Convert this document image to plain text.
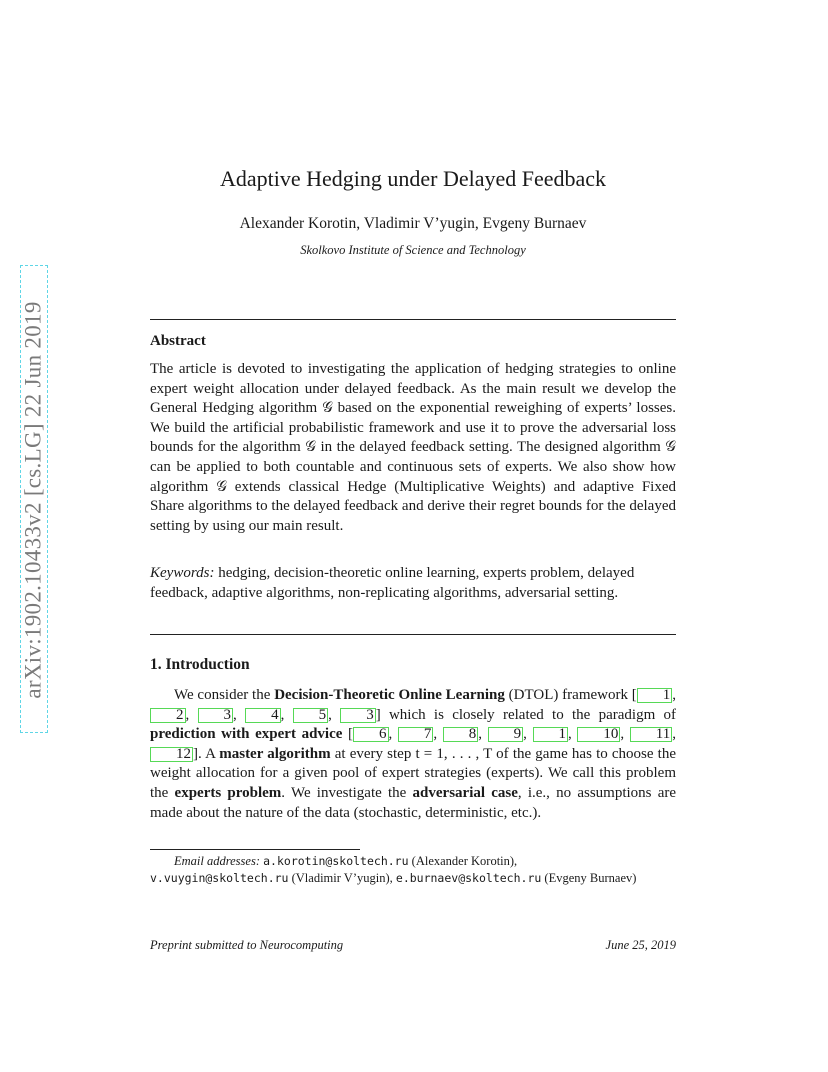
arXiv:1902.10433v2 [cs.LG] 22 Jun 2019
Adaptive Hedging under Delayed Feedback
Alexander Korotin, Vladimir V’yugin, Evgeny Burnaev
Skolkovo Institute of Science and Technology
Abstract
The article is devoted to investigating the application of hedging strategies to online expert weight allocation under delayed feedback. As the main result we develop the General Hedging algorithm 𝒢 based on the exponential reweighing of experts’ losses. We build the artificial probabilistic framework and use it to prove the adversarial loss bounds for the algorithm 𝒢 in the delayed feedback setting. The designed algorithm 𝒢 can be applied to both countable and continuous sets of experts. We also show how algorithm 𝒢 extends classical Hedge (Multiplicative Weights) and adaptive Fixed Share algorithms to the delayed feedback and derive their regret bounds for the delayed setting by using our main result.
Keywords: hedging, decision-theoretic online learning, experts problem, delayed feedback, adaptive algorithms, non-replicating algorithms, adversarial setting.
1. Introduction
We consider the Decision-Theoretic Online Learning (DTOL) framework [ 1 , 2 , 3 , 4 , 5 , 3 ] which is closely related to the paradigm of prediction with expert advice [ 6 , 7 , 8 , 9 , 1 , 10 , 11 , 12 ]. A master algorithm at every step t = 1, . . . , T of the game has to choose the weight allocation for a given pool of expert strategies (experts). We call this problem the experts problem. We investigate the adversarial case, i.e., no assumptions are made about the nature of the data (stochastic, deterministic, etc.).
Email addresses: a.korotin@skoltech.ru (Alexander Korotin),
v.vuygin@skoltech.ru (Vladimir V’yugin), e.burnaev@skoltech.ru (Evgeny Burnaev)
Preprint submitted to Neurocomputing	June 25, 2019
